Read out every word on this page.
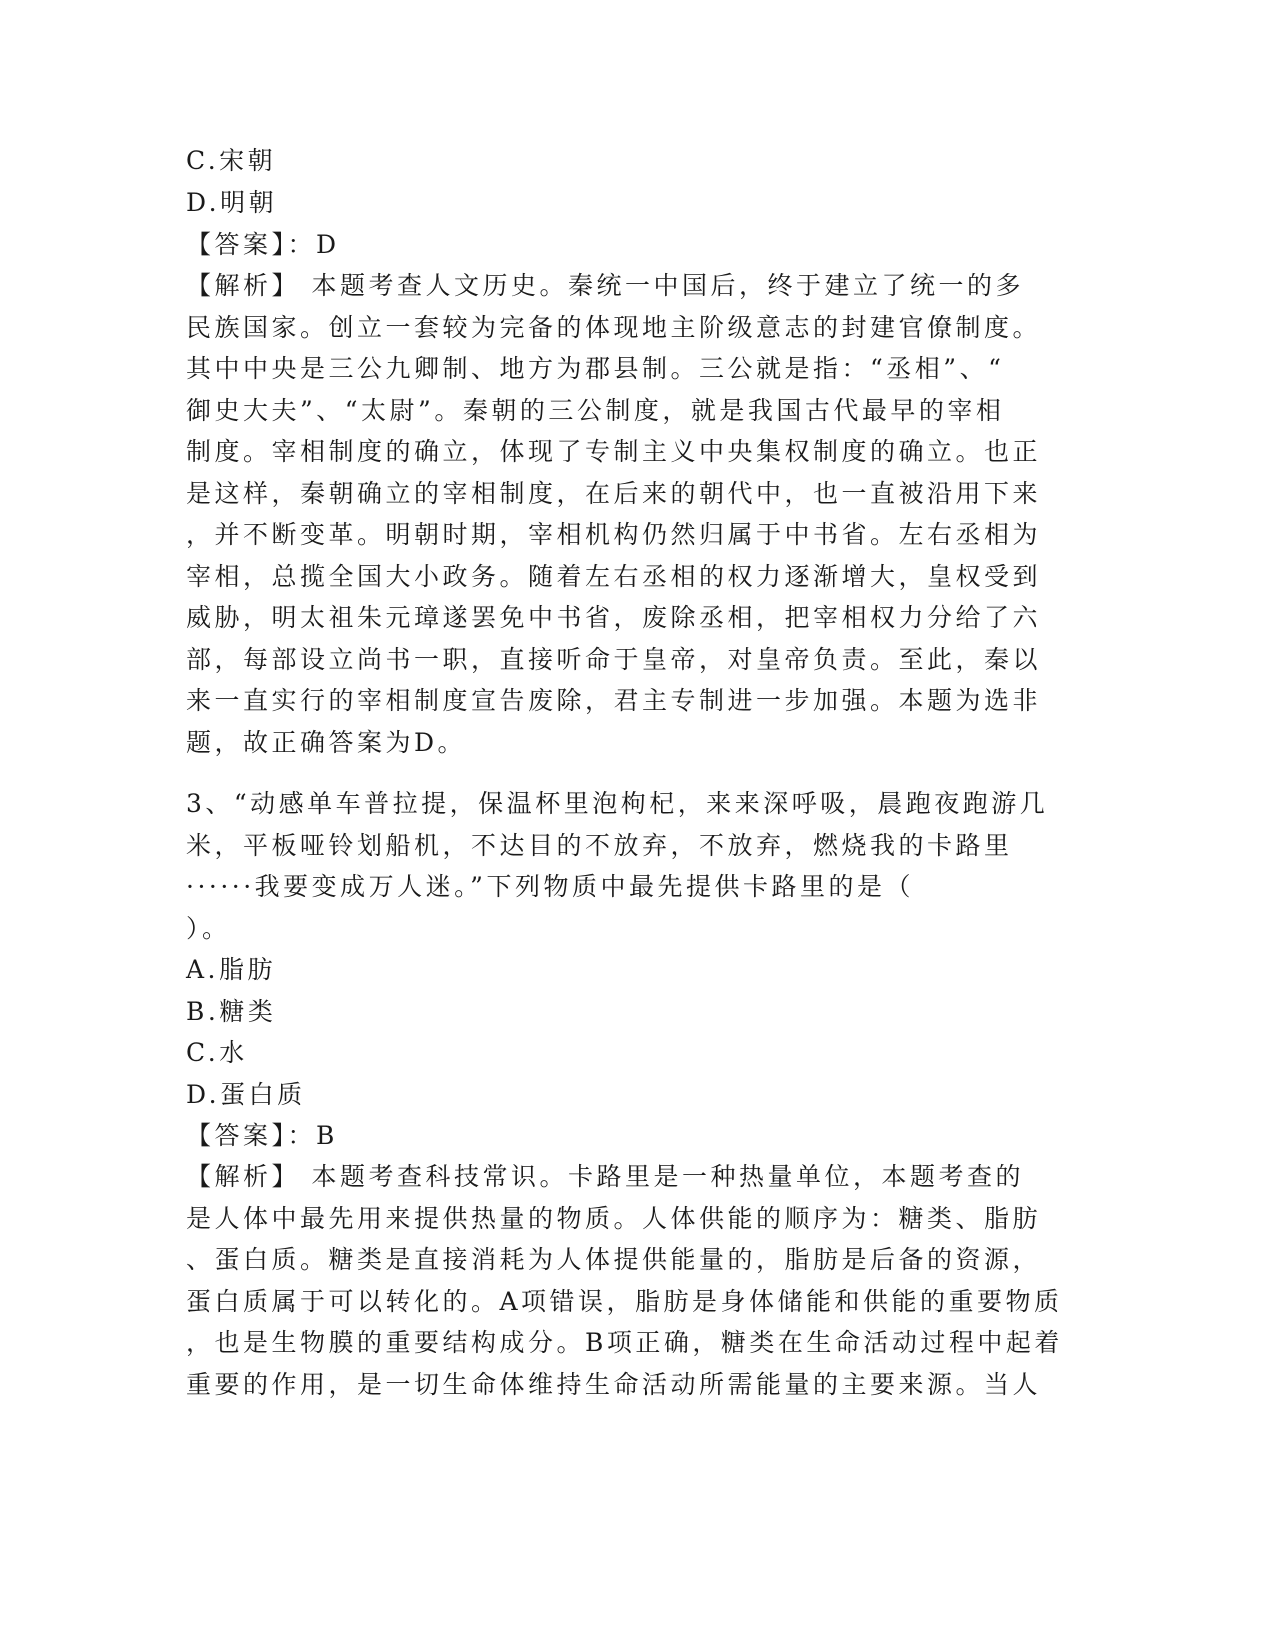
C.宋朝
D.明朝
【答案】：D
【解析】 本题考查人文历史。秦统一中国后，终于建立了统一的多
民族国家。创立一套较为完备的体现地主阶级意志的封建官僚制度。
其中中央是三公九卿制、地方为郡县制。三公就是指：“丞相”、“
御史大夫”、“太尉”。秦朝的三公制度，就是我国古代最早的宰相
制度。宰相制度的确立，体现了专制主义中央集权制度的确立。也正
是这样，秦朝确立的宰相制度，在后来的朝代中，也一直被沿用下来
，并不断变革。明朝时期，宰相机构仍然归属于中书省。左右丞相为
宰相，总揽全国大小政务。随着左右丞相的权力逐渐增大，皇权受到
威胁，明太祖朱元璋遂罢免中书省，废除丞相，把宰相权力分给了六
部，每部设立尚书一职，直接听命于皇帝，对皇帝负责。至此，秦以
来一直实行的宰相制度宣告废除，君主专制进一步加强。本题为选非
题，故正确答案为D。
3、“动感单车普拉提，保温杯里泡枸杞，来来深呼吸，晨跑夜跑游几
米，平板哑铃划船机，不达目的不放弃，不放弃，燃烧我的卡路里
······我要变成万人迷。”下列物质中最先提供卡路里的是（
）。
A.脂肪
B.糖类
C.水
D.蛋白质
【答案】：B
【解析】 本题考查科技常识。卡路里是一种热量单位，本题考查的
是人体中最先用来提供热量的物质。人体供能的顺序为：糖类、脂肪
、蛋白质。糖类是直接消耗为人体提供能量的，脂肪是后备的资源，
蛋白质属于可以转化的。A项错误，脂肪是身体储能和供能的重要物质
，也是生物膜的重要结构成分。B项正确，糖类在生命活动过程中起着
重要的作用，是一切生命体维持生命活动所需能量的主要来源。当人
